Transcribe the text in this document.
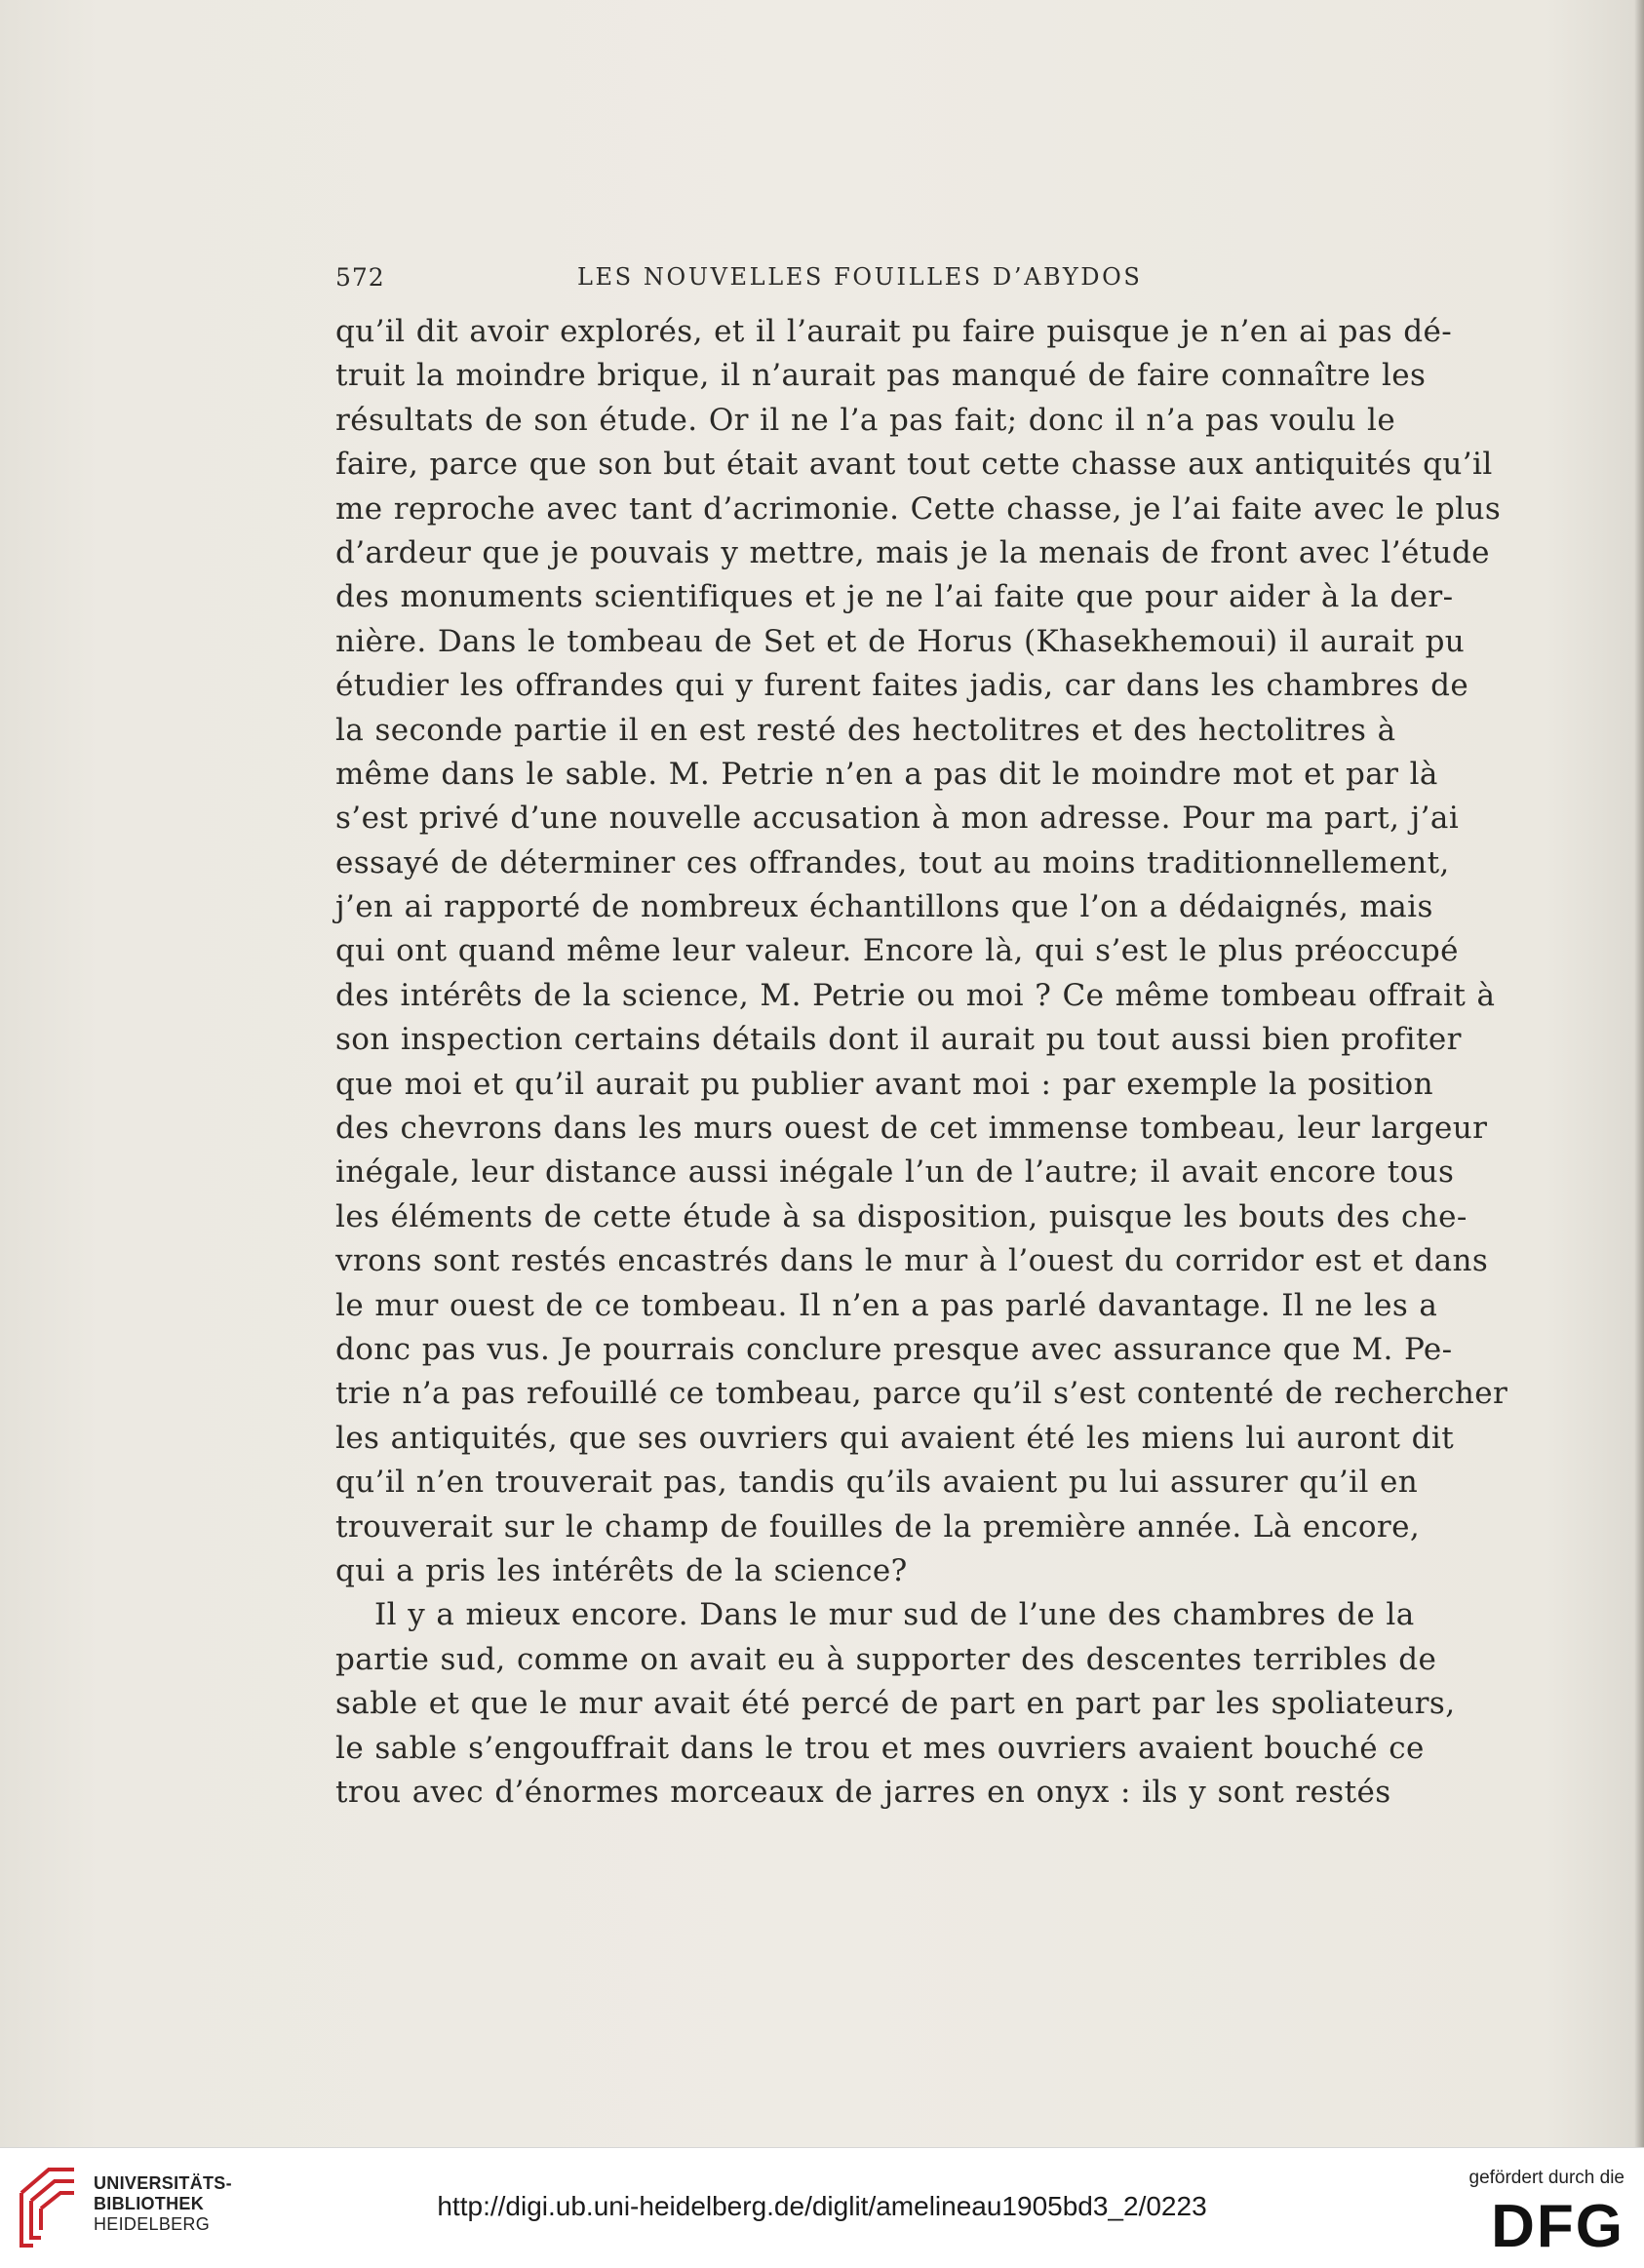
572	LES NOUVELLES FOUILLES D’ABYDOS
qu’il dit avoir explorés, et il l’aurait pu faire puisque je n’en ai pas dé-
truit la moindre brique, il n’aurait pas manqué de faire connaître les
résultats de son étude. Or il ne l’a pas fait; donc il n’a pas voulu le
faire, parce que son but était avant tout cette chasse aux antiquités qu’il
me reproche avec tant d’acrimonie. Cette chasse, je l’ai faite avec le plus
d’ardeur que je pouvais y mettre, mais je la menais de front avec l’étude
des monuments scientifiques et je ne l’ai faite que pour aider à la der-
nière. Dans le tombeau de Set et de Horus (Khasekhemoui) il aurait pu
étudier les offrandes qui y furent faites jadis, car dans les chambres de
la seconde partie il en est resté des hectolitres et des hectolitres à
même dans le sable. M. Petrie n’en a pas dit le moindre mot et par là
s’est privé d’une nouvelle accusation à mon adresse. Pour ma part, j’ai
essayé de déterminer ces offrandes, tout au moins traditionnellement,
j’en ai rapporté de nombreux échantillons que l’on a dédaignés, mais
qui ont quand même leur valeur. Encore là, qui s’est le plus préoccupé
des intérêts de la science, M. Petrie ou moi ? Ce même tombeau offrait à
son inspection certains détails dont il aurait pu tout aussi bien profiter
que moi et qu’il aurait pu publier avant moi : par exemple la position
des chevrons dans les murs ouest de cet immense tombeau, leur largeur
inégale, leur distance aussi inégale l’un de l’autre; il avait encore tous
les éléments de cette étude à sa disposition, puisque les bouts des che-
vrons sont restés encastrés dans le mur à l’ouest du corridor est et dans
le mur ouest de ce tombeau. Il n’en a pas parlé davantage. Il ne les a
donc pas vus. Je pourrais conclure presque avec assurance que M. Pe-
trie n’a pas refouillé ce tombeau, parce qu’il s’est contenté de rechercher
les antiquités, que ses ouvriers qui avaient été les miens lui auront dit
qu’il n’en trouverait pas, tandis qu’ils avaient pu lui assurer qu’il en
trouverait sur le champ de fouilles de la première année. Là encore,
qui a pris les intérêts de la science?
Il y a mieux encore. Dans le mur sud de l’une des chambres de la
partie sud, comme on avait eu à supporter des descentes terribles de
sable et que le mur avait été percé de part en part par les spoliateurs,
le sable s’engouffrait dans le trou et mes ouvriers avaient bouché ce
trou avec d’énormes morceaux de jarres en onyx : ils y sont restés
UNIVERSITÄTS-
BIBLIOTHEK
HEIDELBERG
http://digi.ub.uni-heidelberg.de/diglit/amelineau1905bd3_2/0223
gefördert durch die
DFG
